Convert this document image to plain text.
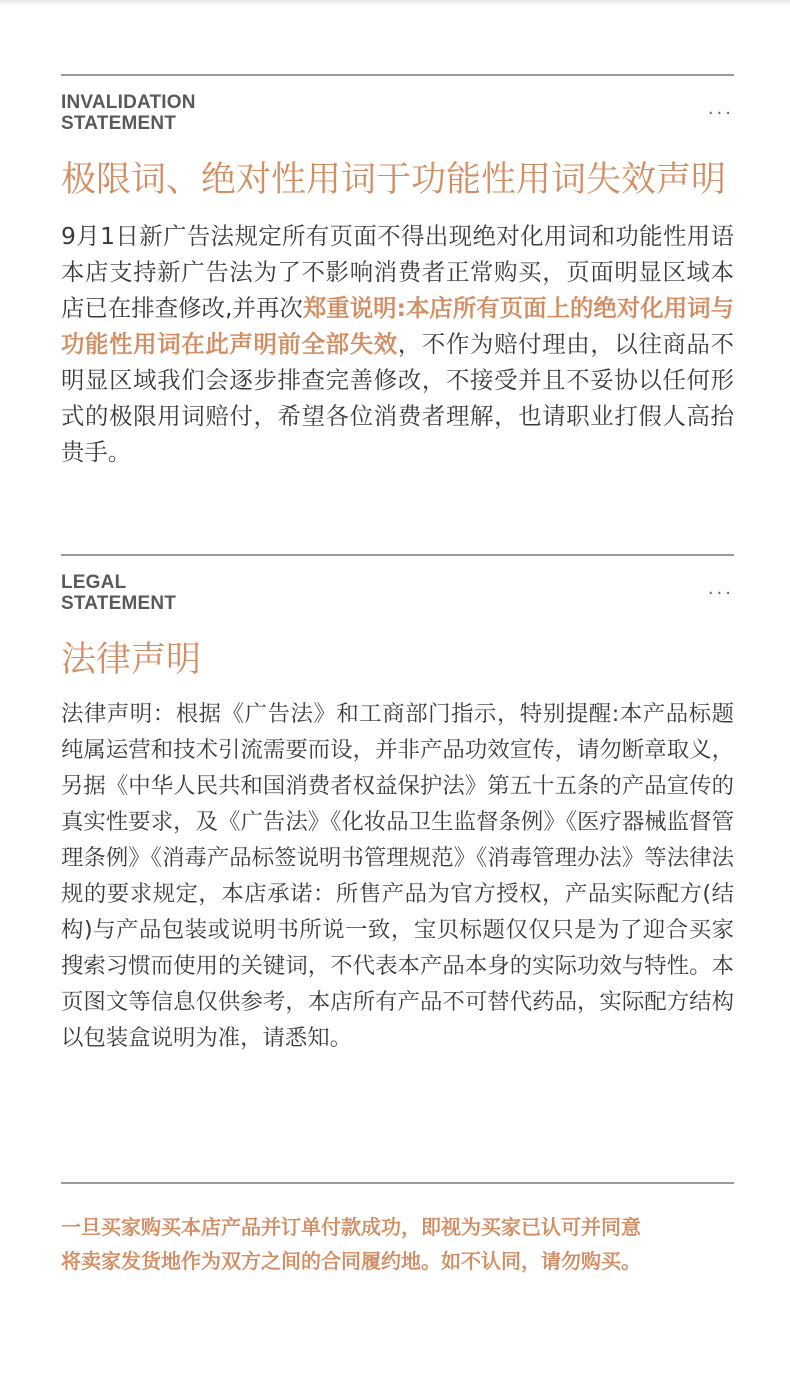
INVALIDATION
STATEMENT
...
极限词、绝对性用词于功能性用词失效声明
9月1日新广告法规定所有页面不得出现绝对化用词和功能性用语本店支持新广告法为了不影响消费者正常购买，页面明显区域本店已在排查修改,并再次郑重说明:本店所有页面上的绝对化用词与功能性用词在此声明前全部失效，不作为赔付理由，以往商品不明显区域我们会逐步排查完善修改，不接受并且不妥协以任何形式的极限用词赔付，希望各位消费者理解，也请职业打假人高抬贵手。
LEGAL
STATEMENT
...
法律声明
法律声明：根据《广告法》和工商部门指示，特别提醒:本产品标题纯属运营和技术引流需要而设，并非产品功效宣传，请勿断章取义，另据《中华人民共和国消费者权益保护法》第五十五条的产品宣传的真实性要求，及《广告法》《化妆品卫生监督条例》《医疗器械监督管理条例》《消毒产品标签说明书管理规范》《消毒管理办法》等法律法规的要求规定，本店承诺：所售产品为官方授权，产品实际配方(结构)与产品包装或说明书所说一致，宝贝标题仅仅只是为了迎合买家搜索习惯而使用的关键词，不代表本产品本身的实际功效与特性。本页图文等信息仅供参考，本店所有产品不可替代药品，实际配方结构以包装盒说明为准，请悉知。
一旦买家购买本店产品并订单付款成功，即视为买家已认可并同意
将卖家发货地作为双方之间的合同履约地。如不认同，请勿购买。
